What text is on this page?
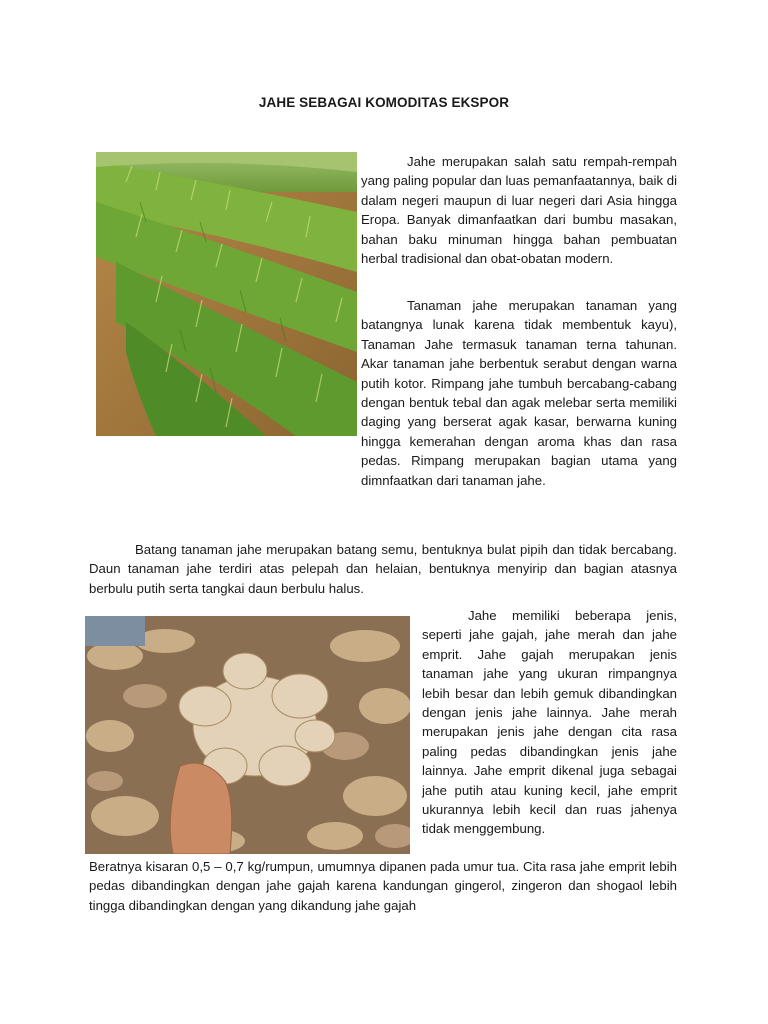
JAHE SEBAGAI KOMODITAS EKSPOR

Jahe merupakan salah satu rempah-rempah yang paling popular dan luas pemanfaatannya, baik di dalam negeri maupun di luar negeri dari Asia hingga Eropa. Banyak dimanfaatkan dari bumbu masakan, bahan baku minuman hingga bahan pembuatan herbal tradisional dan obat-obatan modern.

Tanaman jahe merupakan tanaman yang batangnya lunak karena tidak membentuk kayu), Tanaman Jahe termasuk tanaman terna tahunan. Akar tanaman jahe berbentuk serabut dengan warna putih kotor. Rimpang jahe tumbuh bercabang-cabang dengan bentuk tebal dan agak melebar serta memiliki daging yang berserat agak kasar, berwarna kuning hingga kemerahan dengan aroma khas dan rasa pedas. Rimpang merupakan bagian utama yang dimnfaatkan dari tanaman jahe.

Batang tanaman jahe merupakan batang semu, bentuknya bulat pipih dan tidak bercabang. Daun tanaman jahe terdiri atas pelepah dan helaian, bentuknya menyirip dan bagian atasnya berbulu putih serta tangkai daun berbulu halus.

Jahe memiliki beberapa jenis, seperti jahe gajah, jahe merah dan jahe emprit. Jahe gajah merupakan jenis tanaman jahe yang ukuran rimpangnya lebih besar dan lebih gemuk dibandingkan dengan jenis jahe lainnya. Jahe merah merupakan jenis jahe dengan cita rasa paling pedas dibandingkan jenis jahe lainnya. Jahe emprit dikenal juga sebagai jahe putih atau kuning kecil, jahe emprit ukurannya lebih kecil dan ruas jahenya tidak menggembung.

Beratnya kisaran 0,5 – 0,7 kg/rumpun, umumnya dipanen pada umur tua. Cita rasa jahe emprit lebih pedas dibandingkan dengan jahe gajah karena kandungan gingerol, zingeron dan shogaol lebih tingga dibandingkan dengan yang dikandung jahe gajah
